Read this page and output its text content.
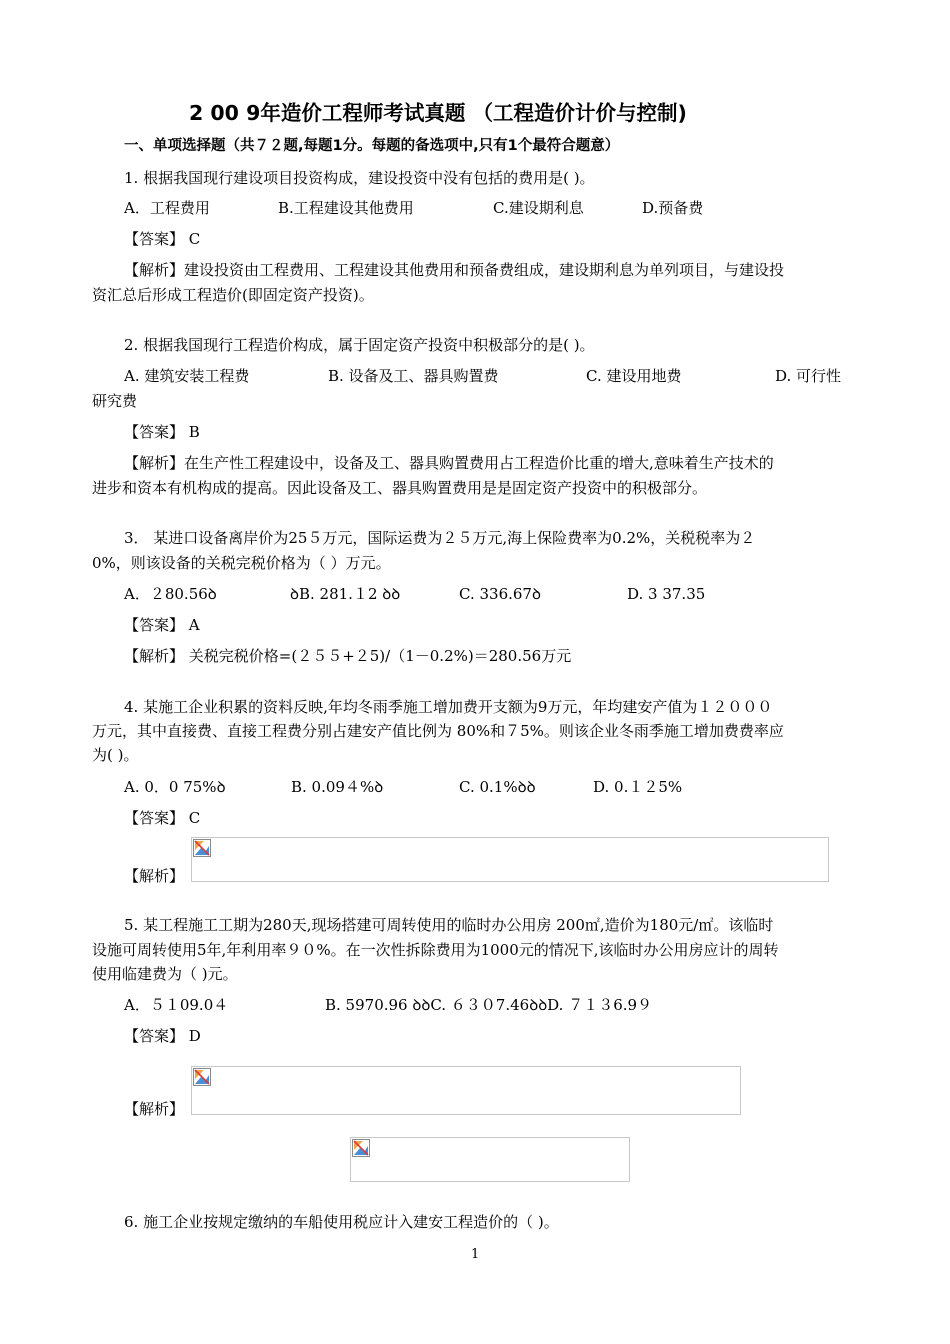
2 00 9年造价工程师考试真题 （工程造价计价与控制)
一、单项选择题（共７２题,每题1分。每题的备选项中,只有1个最符合题意）
1. 根据我国现行建设项目投资构成，建设投资中没有包括的费用是( )。
A．工程费用	B.工程建设其他费用	C.建设期利息	D.预备费
【答案】 C
【解析】建设投资由工程费用、工程建设其他费用和预备费组成，建设期利息为单列项目，与建设投
资汇总后形成工程造价(即固定资产投资)。
2. 根据我国现行工程造价构成，属于固定资产投资中积极部分的是( )。
A. 建筑安装工程费	B. 设备及工、器具购置费	C. 建设用地费	D. 可行性
研究费
【答案】 B
【解析】在生产性工程建设中，设备及工、器具购置费用占工程造价比重的增大,意味着生产技术的
进步和资本有机构成的提高。因此设备及工、器具购置费用是是固定资产投资中的积极部分。
3． 某进口设备离岸价为25５万元，国际运费为２５万元,海上保险费率为0.2%，关税税率为２
0%，则该设备的关税完税价格为（ ）万元。
A．２80.56ꝺ	ꝺB. 281.１2 ꝺꝺ	C. 336.67ꝺ	D. 3 37.35
【答案】 A
【解析】 关税完税价格=(２５５+２5)/（1－0.2%)＝280.56万元
4. 某施工企业积累的资料反映,年均冬雨季施工增加费开支额为9万元，年均建安产值为１２０００
万元，其中直接费、直接工程费分别占建安产值比例为 80%和７5%。则该企业冬雨季施工增加费费率应
为( )。
A. 0．0 75%ꝺ	B. 0.09４%ꝺ	C. 0.1%ꝺꝺ	D. 0.１２5%
【答案】 C
【解析】
5. 某工程施工工期为280天,现场搭建可周转使用的临时办公用房 200㎡,造价为180元/㎡。该临时
设施可周转使用5年,年利用率９０%。在一次性拆除费用为1000元的情况下,该临时办公用房应计的周转
使用临建费为（ )元。
A．５１09.0４	B. 5970.96 ꝺꝺC. ６３０7.46ꝺꝺD. ７１３6.9９
【答案】 D
【解析】
6. 施工企业按规定缴纳的车船使用税应计入建安工程造价的（ )。
1
